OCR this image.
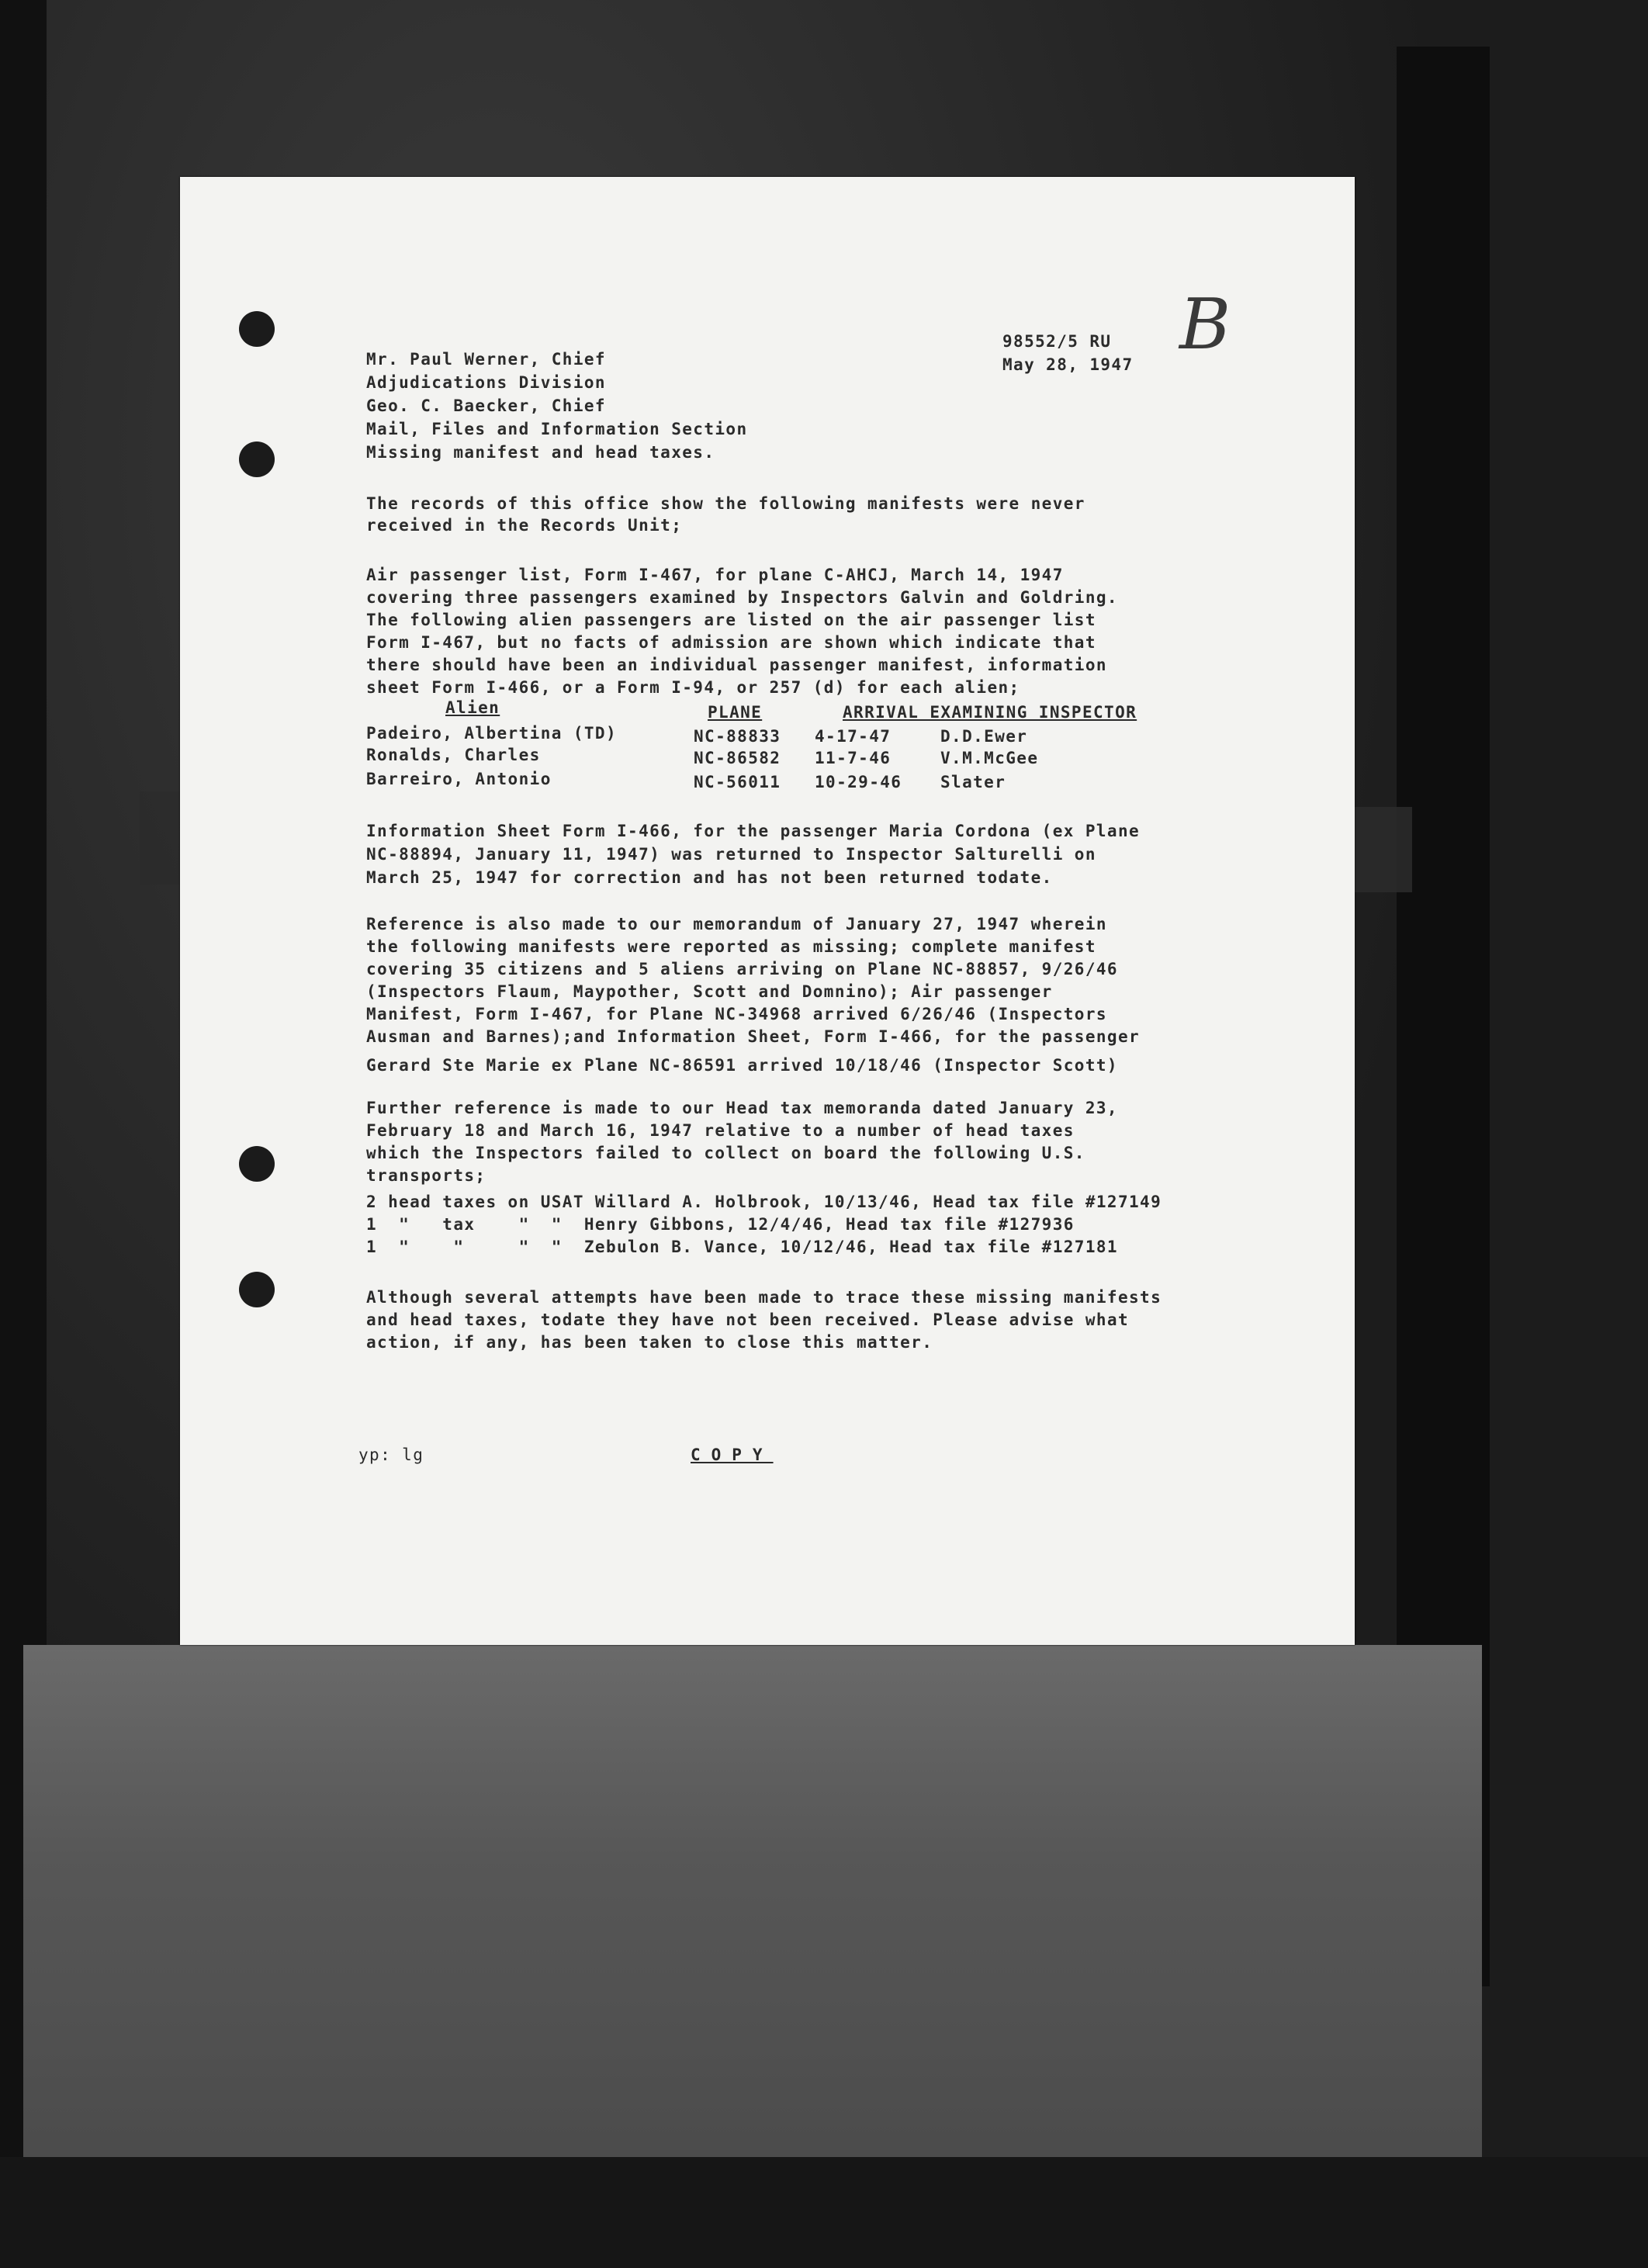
98552/5 RU
May 28, 1947 B
Mr. Paul Werner, Chief
Adjudications Division
Geo. C. Baecker, Chief
Mail, Files and Information Section
Missing manifest and head taxes.
The records of this office show the following manifests were never
received in the Records Unit;
Air passenger list, Form I-467, for plane C-AHCJ, March 14, 1947
covering three passengers examined by Inspectors Galvin and Goldring.
The following alien passengers are listed on the air passenger list
Form I-467, but no facts of admission are shown which indicate that
there should have been an individual passenger manifest, information
sheet Form I-466, or a Form I-94, or 257 (d) for each alien;
Alien	PLANE	ARRIVAL EXAMINING INSPECTOR
Padeiro, Albertina (TD)	NC-88833 4-17-47	D.D.Ewer
Ronalds, Charles	NC-86582 11-7-46	V.M.McGee
Barreiro, Antonio	NC-56011 10-29-46 Slater
Information Sheet Form I-466, for the passenger Maria Cordona (ex Plane
NC-88894, January 11, 1947) was returned to Inspector Salturelli on
March 25, 1947 for correction and has not been returned todate.
Reference is also made to our memorandum of January 27, 1947 wherein
the following manifests were reported as missing; complete manifest
covering 35 citizens and 5 aliens arriving on Plane NC-88857, 9/26/46
(Inspectors Flaum, Maypother, Scott and Domnino); Air passenger
Manifest, Form I-467, for Plane NC-34968 arrived 6/26/46 (Inspectors
Ausman and Barnes);and Information Sheet, Form I-466, for the passenger
Gerard Ste Marie ex Plane NC-86591 arrived 10/18/46 (Inspector Scott)
Further reference is made to our Head tax memoranda dated January 23,
February 18 and March 16, 1947 relative to a number of head taxes
which the Inspectors failed to collect on board the following U.S.
transports;
2 head taxes on USAT Willard A. Holbrook, 10/13/46, Head tax file #127149
1  "   tax    "  "  Henry Gibbons, 12/4/46, Head tax file #127936
1  "    "     "  "  Zebulon B. Vance, 10/12/46, Head tax file #127181
Although several attempts have been made to trace these missing manifests
and head taxes, todate they have not been received. Please advise what
action, if any, has been taken to close this matter.
yp: lg	COPY
